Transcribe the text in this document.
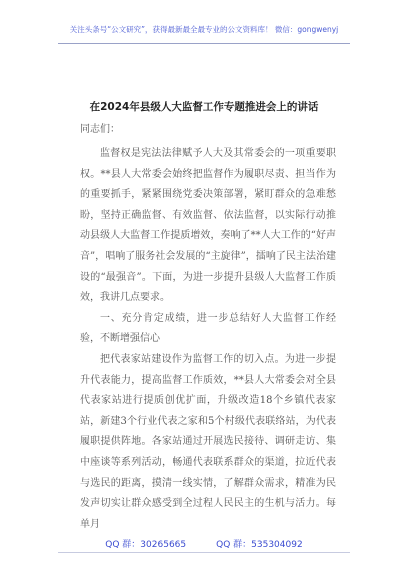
关注头条号“公文研究”，获得最新最全最专业的公文资料库！ 微信：gongwenyj
在2024年县级人大监督工作专题推进会上的讲话
同志们：

监督权是宪法法律赋予人大及其常委会的一项重要职权。**县人大常委会始终把监督作为履职尽责、担当作为的重要抓手，紧紧围绕党委决策部署，紧盯群众的急难愁盼，坚持正确监督、有效监督、依法监督，以实际行动推动县级人大监督工作提质增效，奏响了**人大工作的“好声音”，唱响了服务社会发展的“主旋律”，擂响了民主法治建设的“最强音”。下面，为进一步提升县级人大监督工作质效，我讲几点要求。

一、充分肯定成绩，进一步总结好人大监督工作经验，不断增强信心

把代表家站建设作为监督工作的切入点。为进一步提升代表能力，提高监督工作质效，**县人大常委会对全县代表家站进行提质创优扩面，升级改造18个乡镇代表家站，新建3个行业代表之家和5个村级代表联络站，为代表履职提供阵地。各家站通过开展选民接待、调研走访、集中座谈等系列活动，畅通代表联系群众的渠道，拉近代表与选民的距离，摸清一线实情，了解群众需求，精准为民发声切实让群众感受到全过程人民民主的生机与活力。每单月

QQ 群：30265665	QQ 群：535304092
